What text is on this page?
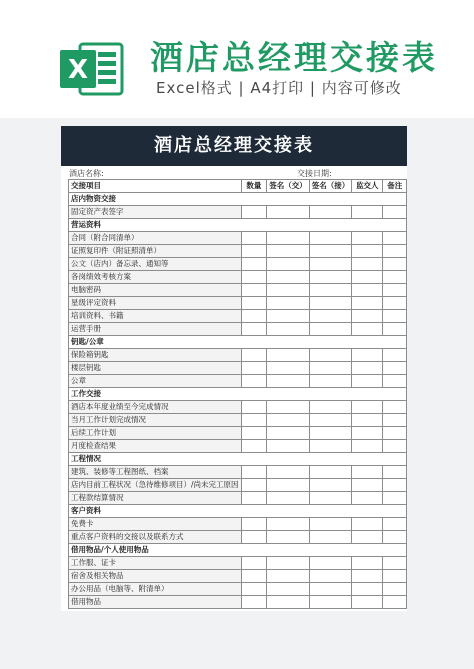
X 酒店总经理交接表
Excel格式 | A4打印 | 内容可修改
酒店总经理交接表
酒店名称:	交接日期:
交接项目	数量	签名（交）	签名（接）	监交人	备注
店内物资交接					
固定资产表签字					
营运资料					
合同（附合同清单）					
证照复印件（附证照清单）					
公文（店内）备忘录、通知等					
各岗绩效考核方案					
电脑密码					
星级评定资料					
培训资料、书籍					
运营手册					
钥匙/公章					
保险箱钥匙					
楼层钥匙					
公章					
工作交接					
酒店本年度业绩至今完成情况					
当月工作计划完成情况					
后续工作计划					
月度检查结果					
工程情况					
建筑、装修等工程图纸、档案					
店内目前工程状况（急待维修项目）/尚未完工原因					
工程款结算情况					
客户资料					
免费卡					
重点客户资料的交接以及联系方式					
借用物品/个人使用物品					
工作服、证卡					
宿舍及相关物品					
办公用品（电脑等、附清单）					
借用物品					
